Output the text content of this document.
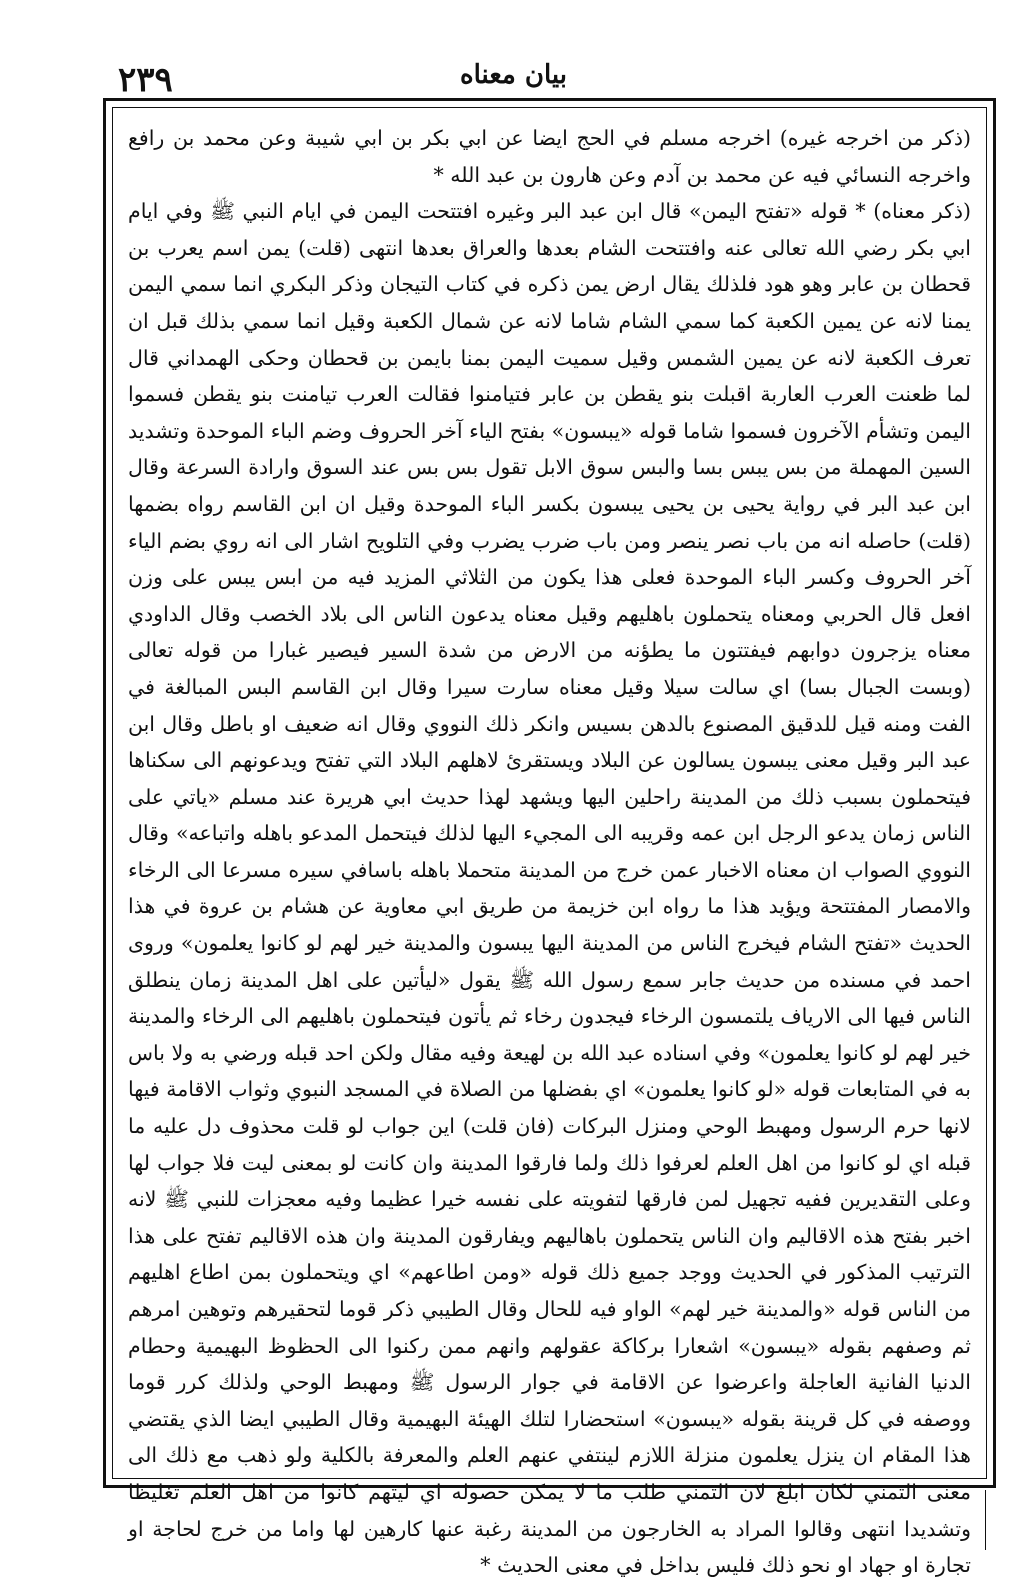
٢٣٩	بيان معناه

(ذكر من اخرجه غيره) اخرجه مسلم في الحج ايضا عن ابي بكر بن ابي شيبة وعن محمد بن رافع واخرجه النسائي فيه عن محمد بن آدم وعن هارون بن عبد الله *

(ذكر معناه) * قوله «تفتح اليمن» قال ابن عبد البر وغيره افتتحت اليمن في ايام النبي ﷺ وفي ايام ابي بكر رضي الله تعالى عنه وافتتحت الشام بعدها والعراق بعدها انتهى (قلت) يمن اسم يعرب بن قحطان بن عابر وهو هود فلذلك يقال ارض يمن ذكره في كتاب التيجان وذكر البكري انما سمي اليمن يمنا لانه عن يمين الكعبة كما سمي الشام شاما لانه عن شمال الكعبة وقيل انما سمي بذلك قبل ان تعرف الكعبة لانه عن يمين الشمس وقيل سميت اليمن بمنا بايمن بن قحطان وحكى الهمداني قال لما ظعنت العرب العاربة اقبلت بنو يقطن بن عابر فتيامنوا فقالت العرب تيامنت بنو يقطن فسموا اليمن وتشأم الآخرون فسموا شاما قوله «يبسون» بفتح الياء آخر الحروف وضم الباء الموحدة وتشديد السين المهملة من بس يبس بسا والبس سوق الابل تقول بس بس عند السوق وارادة السرعة وقال ابن عبد البر في رواية يحيى بن يحيى يبسون بكسر الباء الموحدة وقيل ان ابن القاسم رواه بضمها (قلت) حاصله انه من باب نصر ينصر ومن باب ضرب يضرب وفي التلويح اشار الى انه روي بضم الياء آخر الحروف وكسر الباء الموحدة فعلى هذا يكون من الثلاثي المزيد فيه من ابس يبس على وزن افعل قال الحربي ومعناه يتحملون باهليهم وقيل معناه يدعون الناس الى بلاد الخصب وقال الداودي معناه يزجرون دوابهم فيفتتون ما يطؤنه من الارض من شدة السير فيصير غبارا من قوله تعالى (وبست الجبال بسا) اي سالت سيلا وقيل معناه سارت سيرا وقال ابن القاسم البس المبالغة في الفت ومنه قيل للدقيق المصنوع بالدهن بسيس وانكر ذلك النووي وقال انه ضعيف او باطل وقال ابن عبد البر وقيل معنى يبسون يسالون عن البلاد ويستقرئ لاهلهم البلاد التي تفتح ويدعونهم الى سكناها فيتحملون بسبب ذلك من المدينة راحلين اليها ويشهد لهذا حديث ابي هريرة عند مسلم «ياتي على الناس زمان يدعو الرجل ابن عمه وقريبه الى المجيء اليها لذلك فيتحمل المدعو باهله واتباعه» وقال النووي الصواب ان معناه الاخبار عمن خرج من المدينة متحملا باهله باسافي سيره مسرعا الى الرخاء والامصار المفتتحة ويؤيد هذا ما رواه ابن خزيمة من طريق ابي معاوية عن هشام بن عروة في هذا الحديث «تفتح الشام فيخرج الناس من المدينة اليها يبسون والمدينة خير لهم لو كانوا يعلمون» وروى احمد في مسنده من حديث جابر سمع رسول الله ﷺ يقول «ليأتين على اهل المدينة زمان ينطلق الناس فيها الى الارياف يلتمسون الرخاء فيجدون رخاء ثم يأتون فيتحملون باهليهم الى الرخاء والمدينة خير لهم لو كانوا يعلمون» وفي اسناده عبد الله بن لهيعة وفيه مقال ولكن احد قبله ورضي به ولا باس به في المتابعات قوله «لو كانوا يعلمون» اي بفضلها من الصلاة في المسجد النبوي وثواب الاقامة فيها لانها حرم الرسول ومهبط الوحي ومنزل البركات (فان قلت) اين جواب لو قلت محذوف دل عليه ما قبله اي لو كانوا من اهل العلم لعرفوا ذلك ولما فارقوا المدينة وان كانت لو بمعنى ليت فلا جواب لها وعلى التقديرين ففيه تجهيل لمن فارقها لتفويته على نفسه خيرا عظيما وفيه معجزات للنبي ﷺ لانه اخبر بفتح هذه الاقاليم وان الناس يتحملون باهاليهم ويفارقون المدينة وان هذه الاقاليم تفتح على هذا الترتيب المذكور في الحديث ووجد جميع ذلك قوله «ومن اطاعهم» اي ويتحملون بمن اطاع اهليهم من الناس قوله «والمدينة خير لهم» الواو فيه للحال وقال الطيبي ذكر قوما لتحقيرهم وتوهين امرهم ثم وصفهم بقوله «يبسون» اشعارا بركاكة عقولهم وانهم ممن ركنوا الى الحظوظ البهيمية وحطام الدنيا الفانية العاجلة واعرضوا عن الاقامة في جوار الرسول ﷺ ومهبط الوحي ولذلك كرر قوما ووصفه في كل قرينة بقوله «يبسون» استحضارا لتلك الهيئة البهيمية وقال الطيبي ايضا الذي يقتضي هذا المقام ان ينزل يعلمون منزلة اللازم لينتفي عنهم العلم والمعرفة بالكلية ولو ذهب مع ذلك الى معنى التمني لكان ابلغ لان التمني طلب ما لا يمكن حصوله اي ليتهم كانوا من اهل العلم تغليظا وتشديدا انتهى وقالوا المراد به الخارجون من المدينة رغبة عنها كارهين لها واما من خرج لحاجة او تجارة او جهاد او نحو ذلك فليس بداخل في معنى الحديث *
